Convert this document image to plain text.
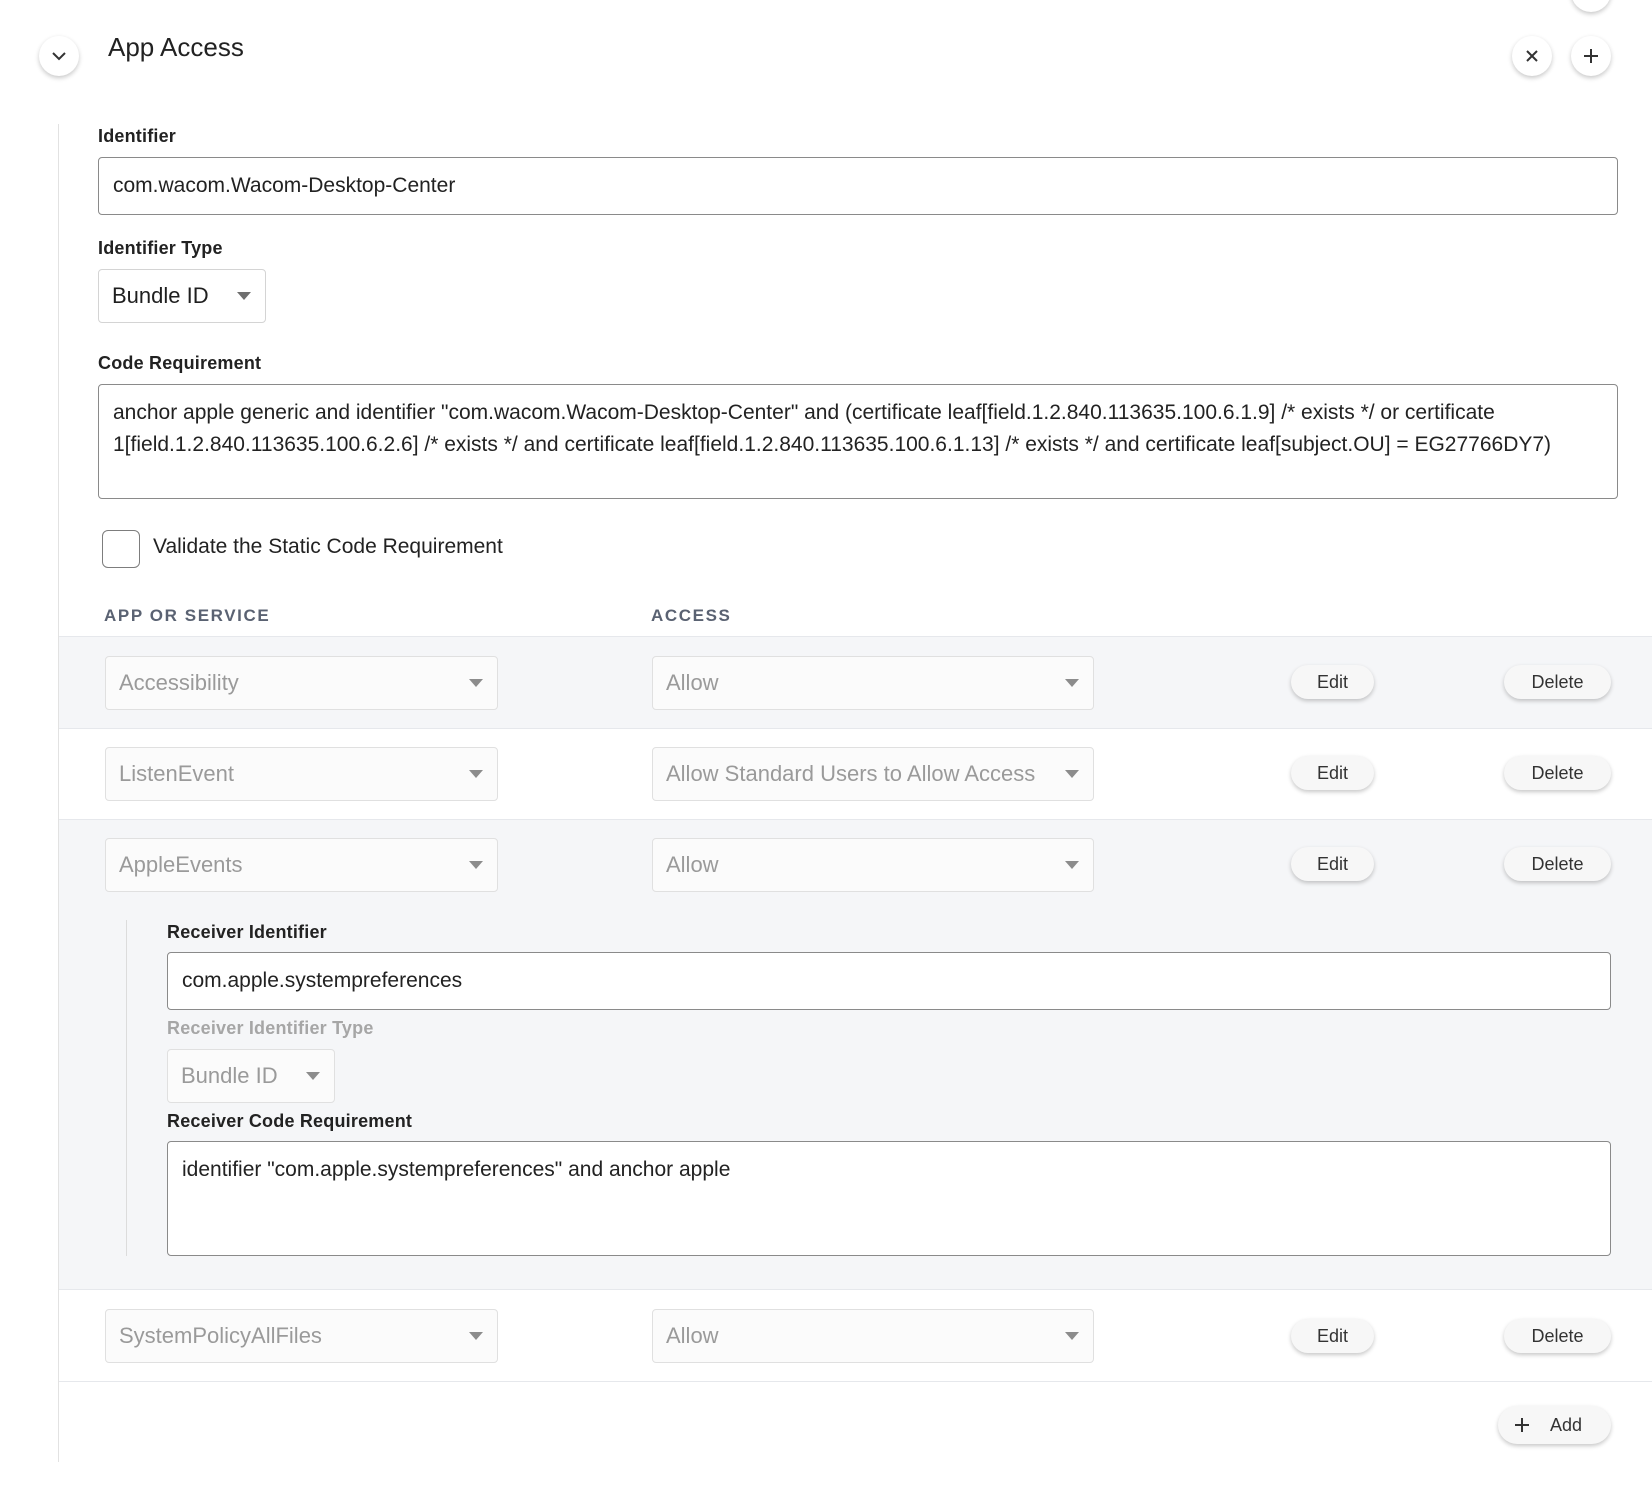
App Access
Identifier
com.wacom.Wacom-Desktop-Center
Identifier Type
Bundle ID
Code Requirement
anchor apple generic and identifier "com.wacom.Wacom-Desktop-Center" and (certificate leaf[field.1.2.840.113635.100.6.1.9] /* exists */ or certificate 1[field.1.2.840.113635.100.6.2.6] /* exists */ and certificate leaf[field.1.2.840.113635.100.6.1.13] /* exists */ and certificate leaf[subject.OU] = EG27766DY7)
Validate the Static Code Requirement
APP OR SERVICE	ACCESS
Accessibility	Allow	Edit	Delete
ListenEvent	Allow Standard Users to Allow Access	Edit	Delete
AppleEvents	Allow	Edit	Delete
Receiver Identifier
com.apple.systempreferences
Receiver Identifier Type
Bundle ID
Receiver Code Requirement
identifier "com.apple.systempreferences" and anchor apple
SystemPolicyAllFiles	Allow	Edit	Delete
Add
